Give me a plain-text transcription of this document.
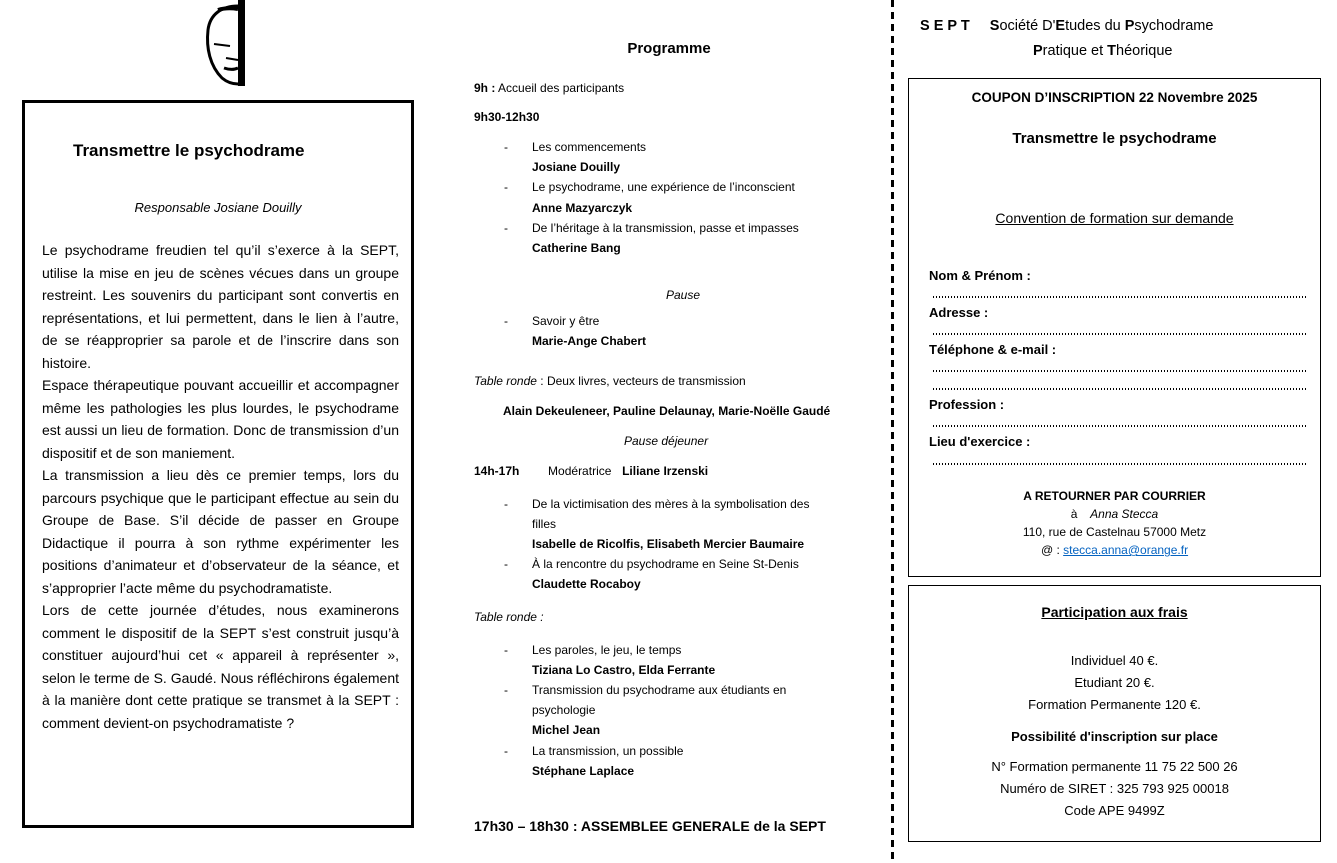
Transmettre le psychodrame
Responsable Josiane Douilly

Le psychodrame freudien tel qu’il s’exerce à la SEPT, utilise la mise en jeu de scènes vécues dans un groupe restreint. Les souvenirs du participant sont convertis en représentations, et lui permettent, dans le lien à l’autre, de se réapproprier sa parole et de l’inscrire dans son histoire.

Espace thérapeutique pouvant accueillir et accompagner même les pathologies les plus lourdes, le psychodrame est aussi un lieu de formation. Donc de transmission d’un dispositif et de son maniement.

La transmission a lieu dès ce premier temps, lors du parcours psychique que le participant effectue au sein du Groupe de Base. S’il décide de passer en Groupe Didactique il pourra à son rythme expérimenter les positions d’animateur et d’observateur de la séance, et s’approprier l’acte même du psychodramatiste.

Lors de cette journée d’études, nous examinerons comment le dispositif de la SEPT s’est construit jusqu’à constituer aujourd’hui cet « appareil à représenter », selon le terme de S. Gaudé. Nous réfléchirons également à la manière dont cette pratique se transmet à la SEPT : comment devient-on psychodramatiste ?

Programme
9h : Accueil des participants
9h30-12h30
- Les commencements
Josiane Douilly
- Le psychodrame, une expérience de l’inconscient
Anne Mazyarczyk
- De l’héritage à la transmission, passe et impasses
Catherine Bang
Pause
- Savoir y être
Marie-Ange Chabert
Table ronde : Deux livres, vecteurs de transmission
Alain Dekeuleneer, Pauline Delaunay, Marie-Noëlle Gaudé
Pause déjeuner
14h-17h Modératrice Liliane Irzenski
- De la victimisation des mères à la symbolisation des
filles
Isabelle de Ricolfis, Elisabeth Mercier Baumaire
- À la rencontre du psychodrame en Seine St-Denis
Claudette Rocaboy
Table ronde :
- Les paroles, le jeu, le temps
Tiziana Lo Castro, Elda Ferrante
- Transmission du psychodrame aux étudiants en
psychologie
Michel Jean
- La transmission, un possible
Stéphane Laplace
17h30 – 18h30 : ASSEMBLEE GENERALE de la SEPT
S E P T Société D'Etudes du Psychodrame
Pratique et Théorique
COUPON D’INSCRIPTION 22 Novembre 2025
Transmettre le psychodrame
Convention de formation sur demande
Nom & Prénom :
Adresse :
Téléphone & e-mail :
Profession :
Lieu d'exercice :
A RETOURNER PAR COURRIER
à Anna Stecca
110, rue de Castelnau 57000 Metz
@ : stecca.anna@orange.fr
Participation aux frais
Individuel 40 €.
Etudiant 20 €.
Formation Permanente 120 €.
Possibilité d'inscription sur place
N° Formation permanente 11 75 22 500 26
Numéro de SIRET : 325 793 925 00018
Code APE 9499Z
